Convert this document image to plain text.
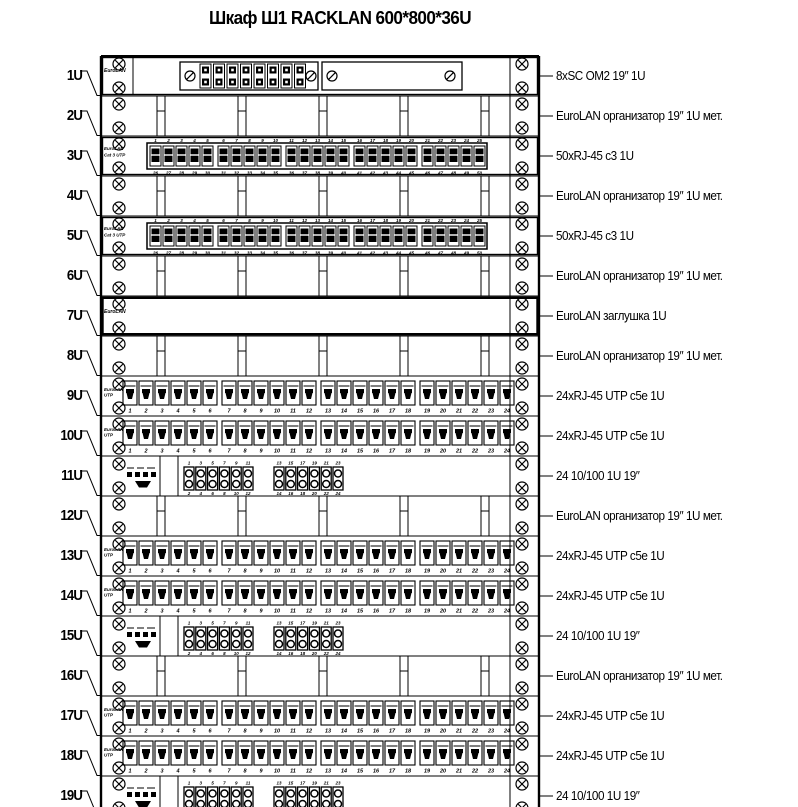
Шкаф Ш1 RACKLAN 600*800*36U
EuroLAN
EuroLAN
Cat 3 UTP
1
26
2
27
3
28
4
29
5
30
6
31
7
32
8
33
9
34
10
35
11
36
12
37
13
38
14
39
15
40
16
41
17
42
18
43
19
44
20
45
21
46
22
47
23
48
24
49
25
50
EuroLAN
Cat 3 UTP
1
26
2
27
3
28
4
29
5
30
6
31
7
32
8
33
9
34
10
35
11
36
12
37
13
38
14
39
15
40
16
41
17
42
18
43
19
44
20
45
21
46
22
47
23
48
24
49
25
50
EuroLAN
EuroLAN
UTP
1 2 3 4 5 6	7 8 9 10 11 12 13 14 15 16 17 18 19 20 21 22 23 24
EuroLAN
UTP
1 2 3 4 5 6	7 8 9 10 11 12 13 14 15 16 17 18 19 20 21 22 23 24
1
2
3
4
5
6
7
8
9
10
11
12
13
14
15
16
17
18
19
20
21
22
23
24
EuroLAN
UTP
1 2 3 4 5 6	7 8 9 10 11 12 13 14 15 16 17 18 19 20 21 22 23 24
EuroLAN
UTP
1 2 3 4 5 6	7 8 9 10 11 12 13 14 15 16 17 18 19 20 21 22 23 24
1
2
3
4
5
6
7
8
9
10
11
12
13
14
15
16
17
18
19
20
21
22
23
24
EuroLAN
UTP
1 2 3 4 5 6	7 8 9 10 11 12 13 14 15 16 17 18 19 20 21 22 23 24
EuroLAN
UTP
1 2 3 4 5 6	7 8 9 10 11 12 13 14 15 16 17 18 19 20 21 22 23 24
1 3 5 7 9 11	13 15 17 19 21 23
1U	8xSC OM2 19″ 1U
2U	EuroLAN организатор 19″ 1U мет.
3U	50xRJ-45 c3 1U
4U	EuroLAN организатор 19″ 1U мет.
5U	50xRJ-45 c3 1U
6U	EuroLAN организатор 19″ 1U мет.
7U	EuroLAN заглушка 1U
8U	EuroLAN организатор 19″ 1U мет.
9U	24xRJ-45 UTP c5e 1U
10U	24xRJ-45 UTP c5e 1U
11U	24 10/100 1U 19″
12U	EuroLAN организатор 19″ 1U мет.
13U	24xRJ-45 UTP c5e 1U
14U	24xRJ-45 UTP c5e 1U
15U	24 10/100 1U 19″
16U	EuroLAN организатор 19″ 1U мет.
17U	24xRJ-45 UTP c5e 1U
18U	24xRJ-45 UTP c5e 1U
19U	24 10/100 1U 19″
